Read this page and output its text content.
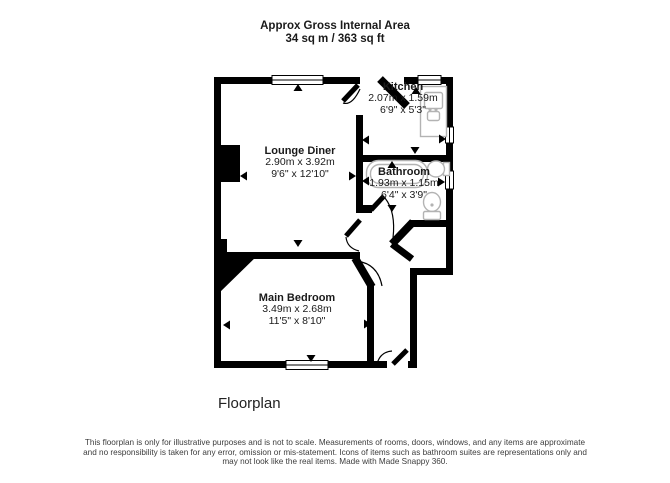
Approx Gross Internal Area
34 sq m / 363 sq ft
Lounge Diner
2.90m x 3.92m
9'6" x 12'10"
Kitchen
2.07m x 1.59m
6'9" x 5'3"
Bathroom
1.93m x 1.15m
6'4" x 3'9"
Main Bedroom
3.49m x 2.68m
11'5" x 8'10"
Floorplan
This floorplan is only for illustrative purposes and is not to scale. Measurements of rooms, doors, windows, and any items are approximate
and no responsibility is taken for any error, omission or mis-statement. Icons of items such as bathroom suites are representations only and
may not look like the real items. Made with Made Snappy 360.
